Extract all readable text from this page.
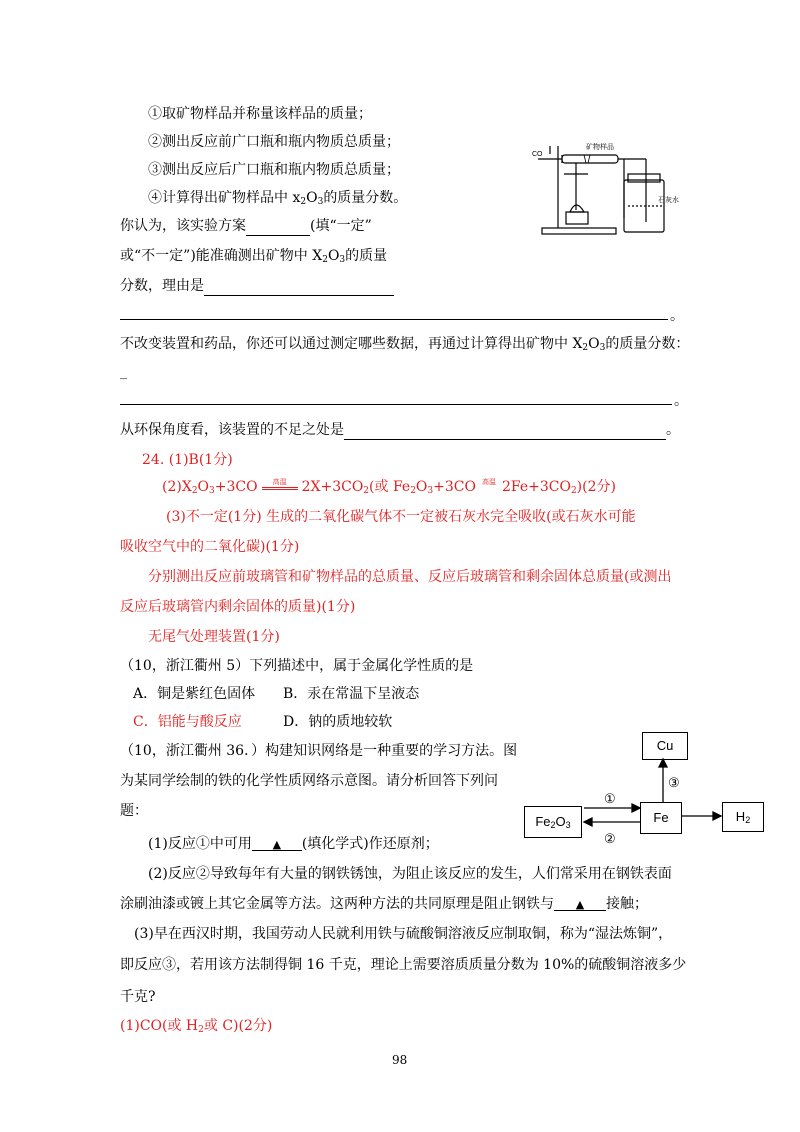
①取矿物样品并称量该样品的质量；
②测出反应前广口瓶和瓶内物质总质量；
③测出反应后广口瓶和瓶内物质总质量；
④计算得出矿物样品中 $x_2O_3$的质量分数。
CO
矿物样品
石灰水
你认为，该实验方案	(填“一定”
或“不一定”)能准确测出矿物中 $X_2O_3$的质量
分数，理由是
。
不改变装置和药品，你还可以通过测定哪些数据，再通过计算得出矿物中 $X_2O_3$的质量分数：
_
。
从环保角度看，该装置的不足之处是	。
24. (1)B(1分)
$(2)X_2O_3+3CO$ $^{高温}$ $2X+3CO_2$(或 $Fe_2O_3+3CO$ $^{高温}$ $2Fe+3CO_2)(2$分)
(3)不一定(1分) 生成的二氧化碳气体不一定被石灰水完全吸收(或石灰水可能
吸收空气中的二氧化碳)(1分)
分别测出反应前玻璃管和矿物样品的总质量、反应后玻璃管和剩余固体总质量(或测出
反应后玻璃管内剩余固体的质量)(1分)
无尾气处理装置(1分)
（10，浙江衢州 5）下列描述中，属于金属化学性质的是
A．铜是紫红色固体 B．汞在常温下呈液态
C．铝能与酸反应	D．钠的质地较软
（10，浙江衢州 36．）构建知识网络是一种重要的学习方法。图
为某同学绘制的铁的化学性质网络示意图。请分析回答下列问
题：
Cu
$Fe_2O_3$	Fe	$H_2$
①
②
③
(1)反应①中可用 ▲ (填化学式)作还原剂；
(2)反应②导致每年有大量的钢铁锈蚀，为阻止该反应的发生，人们常采用在钢铁表面
涂刷油漆或镀上其它金属等方法。这两种方法的共同原理是阻止钢铁与 ▲ 接触；
(3)早在西汉时期，我国劳动人民就利用铁与硫酸铜溶液反应制取铜，称为“湿法炼铜”，
即反应③，若用该方法制得铜 16 千克，理论上需要溶质质量分数为 10%的硫酸铜溶液多少
千克?
(1)CO(或 $H_2$或 C)(2分)
98
